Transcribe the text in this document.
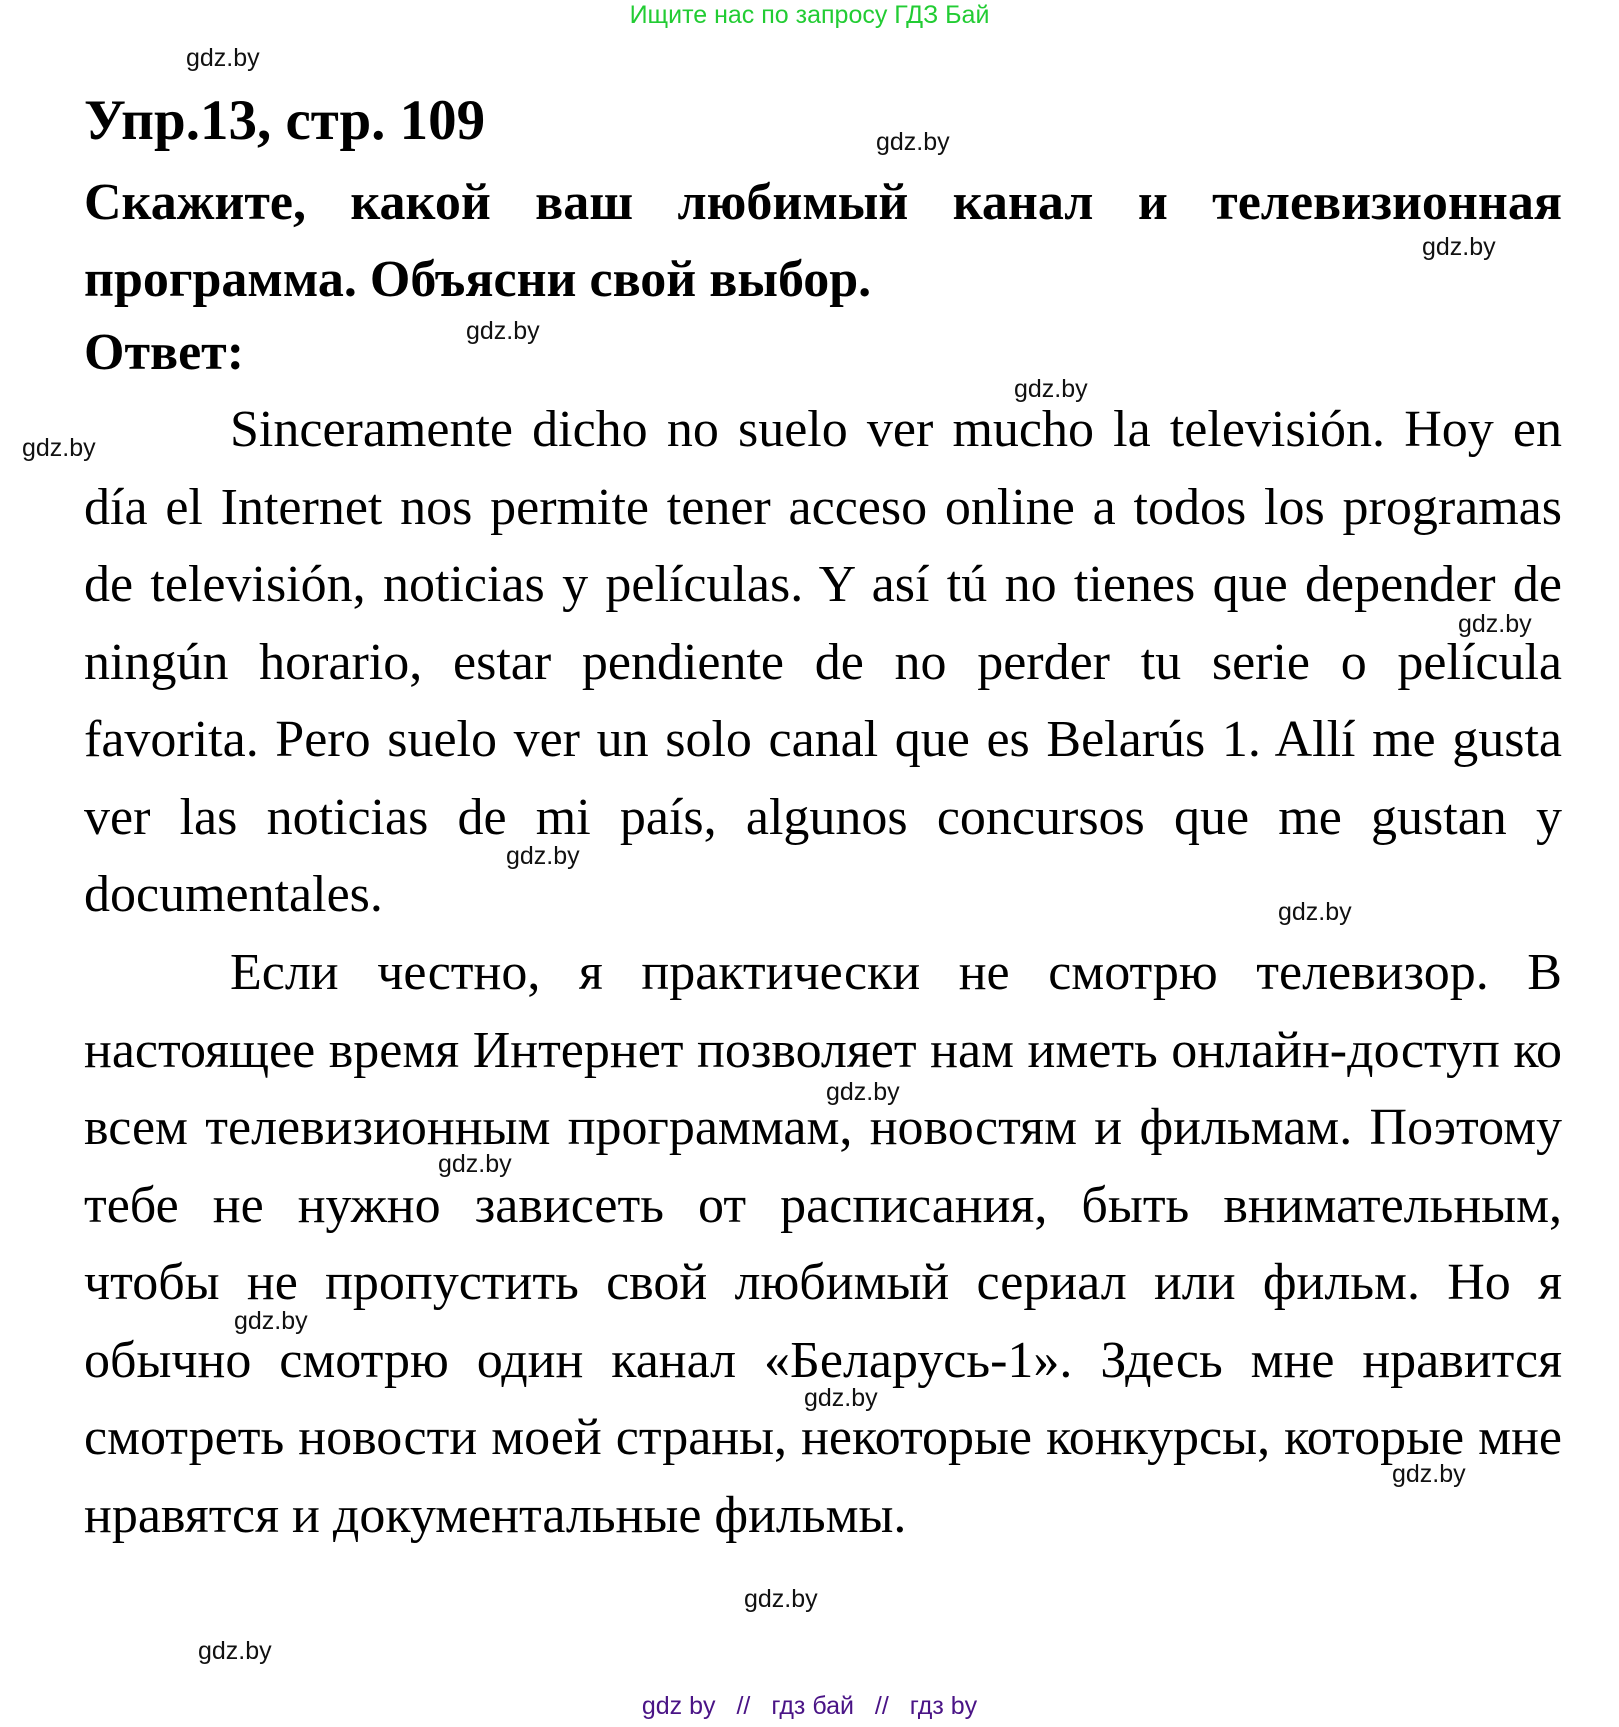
Ищите нас по запросу ГДЗ Бай
Упр.13, стр. 109

Скажите, какой ваш любимый канал и телевизионная программа. Объясни свой выбор.

Ответ:

Sinceramente dicho no suelo ver mucho la televisión. Hoy en día el Internet nos permite tener acceso online a todos los programas de televisión, noticias y películas. Y así tú no tienes que depender de ningún horario, estar pendiente de no perder tu serie o película favorita. Pero suelo ver un solo canal que es Belarús 1. Allí me gusta ver las noticias de mi país, algunos concursos que me gustan y documentales.

Если честно, я практически не смотрю телевизор. В настоящее время Интернет позволяет нам иметь онлайн-доступ ко всем телевизионным программам, новостям и фильмам. Поэтому тебе не нужно зависеть от расписания, быть внимательным, чтобы не пропустить свой любимый сериал или фильм. Но я обычно смотрю один канал «Беларусь-1». Здесь мне нравится смотреть новости моей страны, некоторые конкурсы, которые мне нравятся и документальные фильмы.

gdz.by
gdz.by
gdz.by
gdz.by
gdz.by
gdz.by
gdz.by
gdz.by
gdz.by
gdz.by
gdz.by
gdz.by
gdz.by
gdz.by
gdz.by
gdz.by
gdz by // гдз бай // гдз by
